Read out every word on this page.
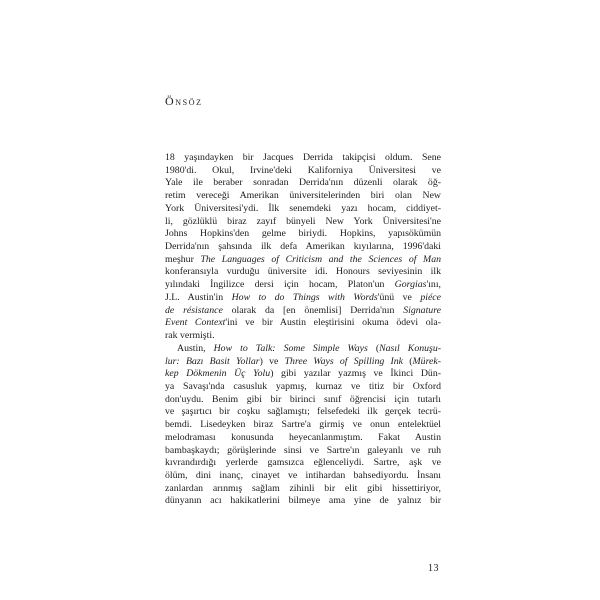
Önsöz

18 yaşındayken bir Jacques Derrida takipçisi oldum. Sene
1980'di. Okul, Irvine'deki Kaliforniya Üniversitesi ve
Yale ile beraber sonradan Derrida'nın düzenli olarak öğ-
retim vereceği Amerikan üniversitelerinden biri olan New
York Üniversitesi'ydi. İlk senemdeki yazı hocam, ciddiyet-
li, gözlüklü biraz zayıf bünyeli New York Üniversitesi'ne
Johns Hopkins'den gelme biriydi. Hopkins, yapısökümün
Derrida'nın şahsında ilk defa Amerikan kıyılarına, 1996'daki
meşhur The Languages of Criticism and the Sciences of Man
konferansıyla vurduğu üniversite idi. Honours seviyesinin ilk
yılındaki İngilizce dersi için hocam, Platon'un Gorgias'ını,
J.L. Austin'in How to do Things with Words'ünü ve piéce
de résistance olarak da [en önemlisi] Derrida'nın Signature
Event Context'ini ve bir Austin eleştirisini okuma ödevi ola-
rak vermişti.

Austin, How to Talk: Some Simple Ways (Nasıl Konuşu-
lur: Bazı Basit Yollar) ve Three Ways of Spilling Ink (Mürek-
kep Dökmenin Üç Yolu) gibi yazılar yazmış ve İkinci Dün-
ya Savaşı'nda casusluk yapmış, kurnaz ve titiz bir Oxford
don'uydu. Benim gibi bir birinci sınıf öğrencisi için tutarlı
ve şaşırtıcı bir coşku sağlamıştı; felsefedeki ilk gerçek tecrü-
bemdi. Lisedeyken biraz Sartre'a girmiş ve onun entelektüel
melodraması konusunda heyecanlanmıştım. Fakat Austin
bambaşkaydı; görüşlerinde sinsi ve Sartre'ın galeyanlı ve ruh
kıvrandırdığı yerlerde gamsızca eğlenceliydi. Sartre, aşk ve
ölüm, dini inanç, cinayet ve intihardan bahsediyordu. İnsanı
zanlardan arınmış sağlam zihinli bir elit gibi hissettiriyor,
dünyanın acı hakikatlerini bilmeye ama yine de yalnız bir

13
